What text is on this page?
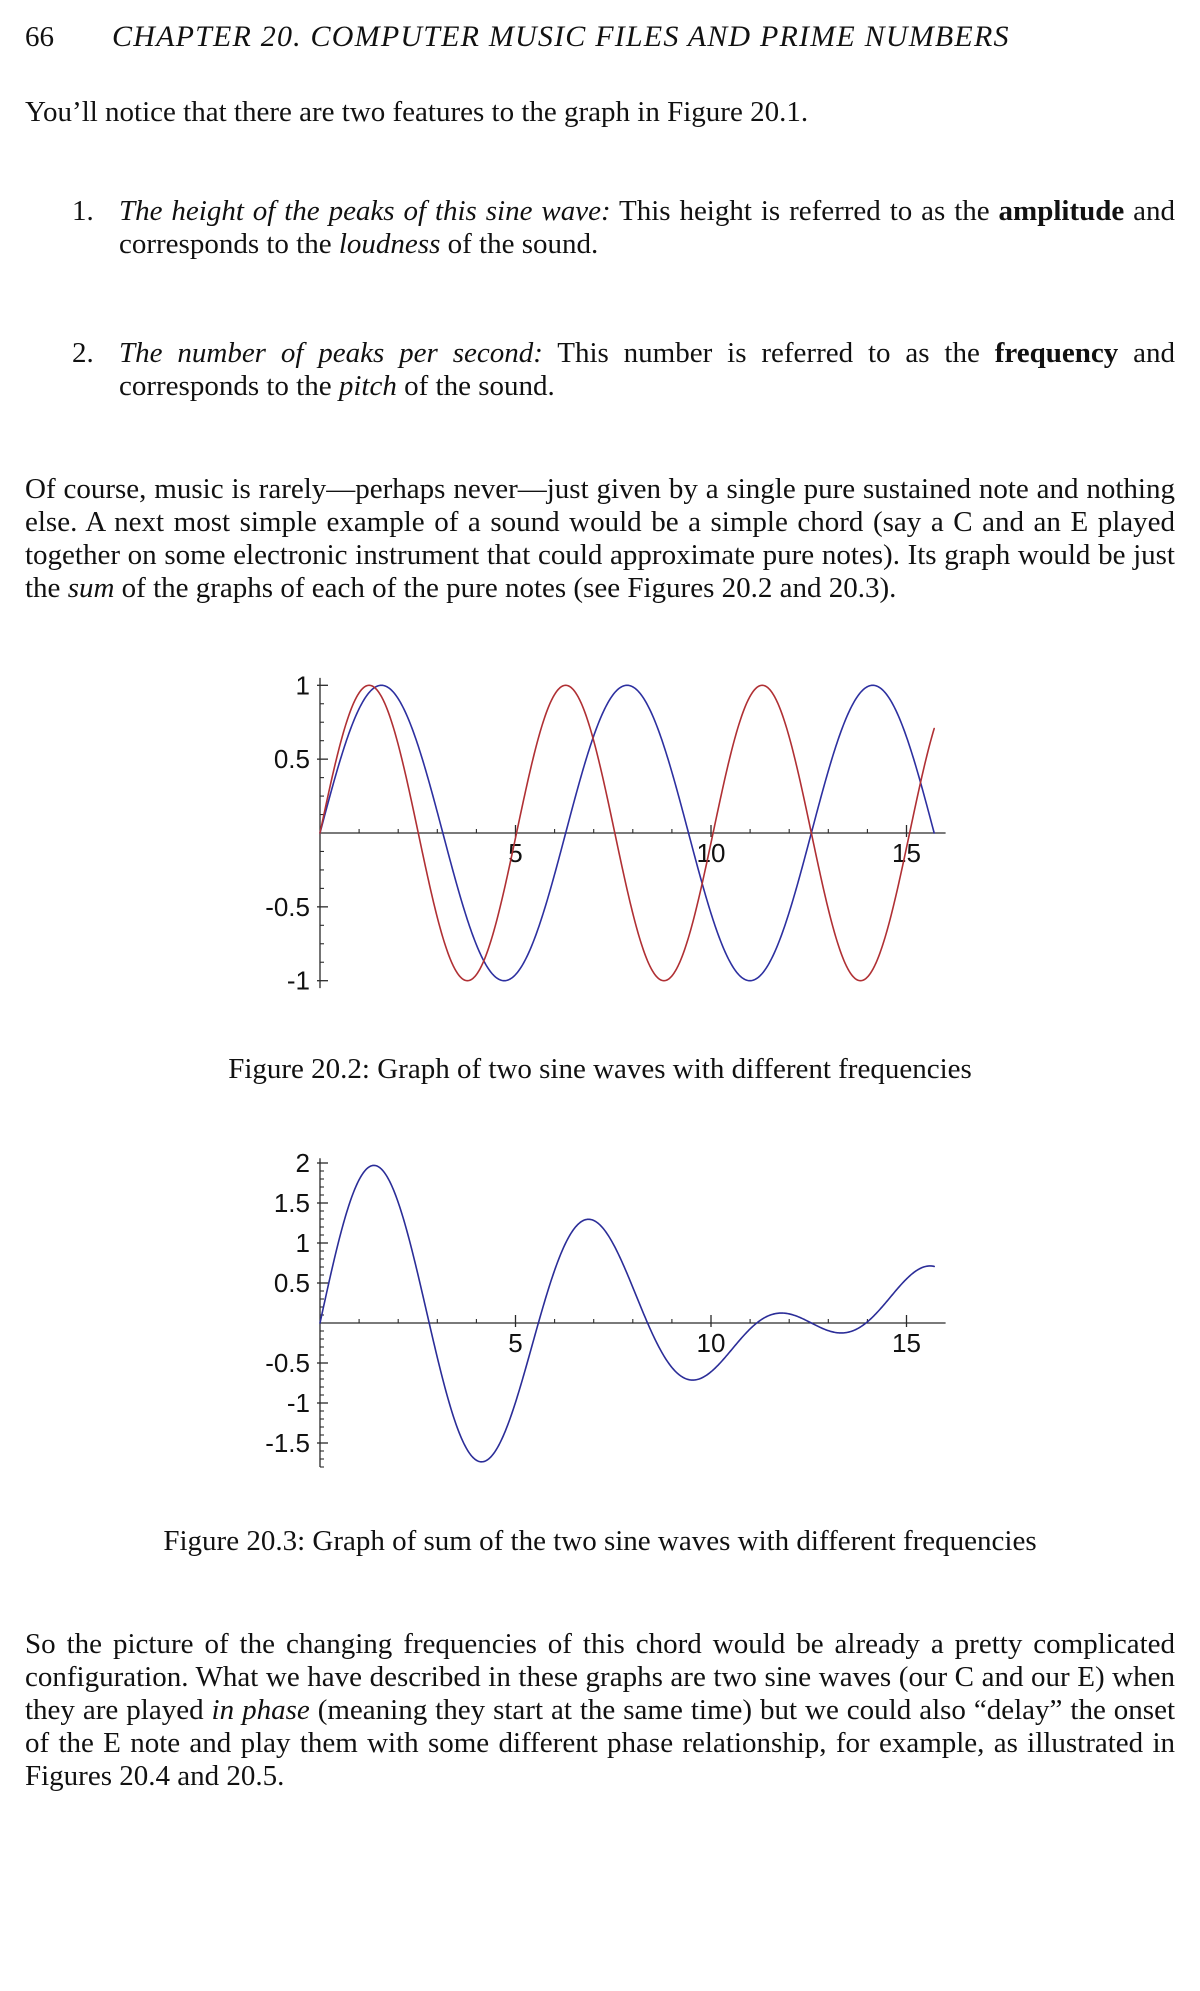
66 CHAPTER 20. COMPUTER MUSIC FILES AND PRIME NUMBERS

You’ll notice that there are two features to the graph in Figure 20.1.

1. The height of the peaks of this sine wave: This height is referred to as the amplitude and corresponds to the loudness of the sound.
2. The number of peaks per second: This number is referred to as the frequency and corresponds to the pitch of the sound.

Of course, music is rarely—perhaps never—just given by a single pure sustained note and nothing else. A next most simple example of a sound would be a simple chord (say a C and an E played together on some electronic instrument that could approximate pure notes). Its graph would be just the sum of the graphs of each of the pure notes (see Figures 20.2 and 20.3).

5	10	15
1
0.5
-0.5
-1
Figure 20.2: Graph of two sine waves with different frequencies
5	10	15
2
1.5
1
0.5
-0.5
-1
-1.5
Figure 20.3: Graph of sum of the two sine waves with different frequencies

So the picture of the changing frequencies of this chord would be already a pretty complicated configuration. What we have described in these graphs are two sine waves (our C and our E) when they are played in phase (meaning they start at the same time) but we could also “delay” the onset of the E note and play them with some different phase relationship, for example, as illustrated in Figures 20.4 and 20.5.
